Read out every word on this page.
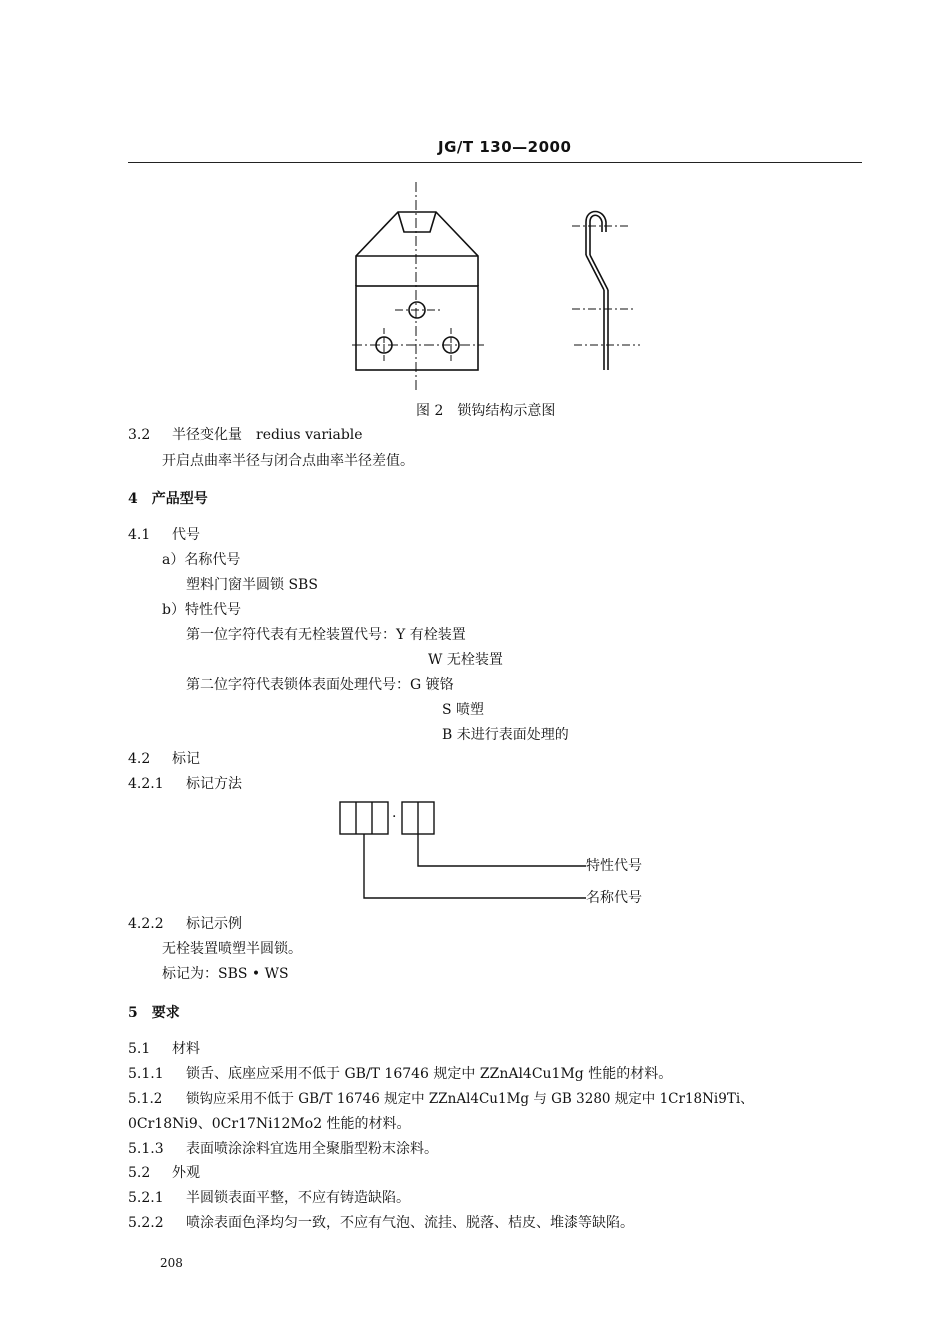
JG/T 130—2000
·
特性代号
名称代号
图 2　锁钩结构示意图
3.2 半径变化量　redius variable
开启点曲率半径与闭合点曲率半径差值。
4　产品型号
4.1 代号
a）名称代号
塑料门窗半圆锁 SBS
b）特性代号
第一位字符代表有无栓装置代号：Y 有栓装置
W 无栓装置
第二位字符代表锁体表面处理代号：G 镀铬
S 喷塑
B 未进行表面处理的
4.2 标记
4.2.1 标记方法
4.2.2 标记示例
无栓装置喷塑半圆锁。
标记为：SBS • WS
5　要求
5.1 材料
5.1.1 锁舌、底座应采用不低于 GB/T 16746 规定中 ZZnAl4Cu1Mg 性能的材料。
5.1.2 锁钩应采用不低于 GB/T 16746 规定中 ZZnAl4Cu1Mg 与 GB 3280 规定中 1Cr18Ni9Ti、
0Cr18Ni9、0Cr17Ni12Mo2 性能的材料。
5.1.3 表面喷涂涂料宜选用全聚脂型粉末涂料。
5.2 外观
5.2.1 半圆锁表面平整，不应有铸造缺陷。
5.2.2 喷涂表面色泽均匀一致，不应有气泡、流挂、脱落、桔皮、堆漆等缺陷。
208
